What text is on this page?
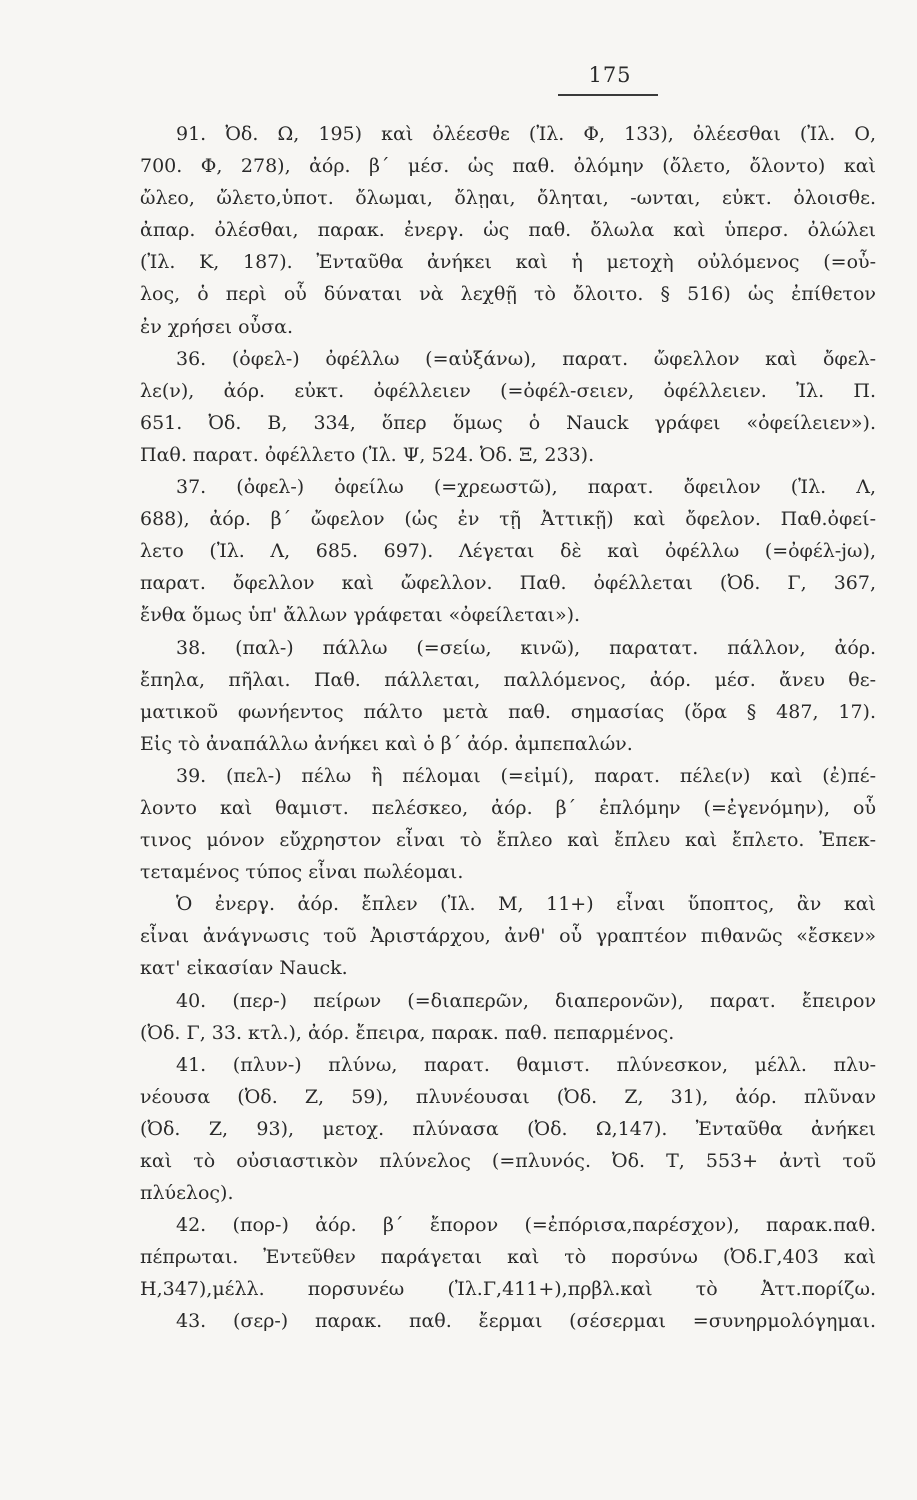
175
91. Ὀδ. Ω, 195) καὶ ὀλέεσθε (Ἰλ. Φ, 133), ὀλέεσθαι (Ἰλ. Ο,
700. Φ, 278), ἀόρ. β΄ μέσ. ὡς παθ. ὀλόμην (ὄλετο, ὄλοντο) καὶ
ὤλεο, ὤλετο,ὑποτ. ὄλωμαι, ὄλῃαι, ὄληται, -ωνται, εὐκτ. ὀλοισθε.
ἀπαρ. ὀλέσθαι, παρακ. ἐνεργ. ὡς παθ. ὄλωλα καὶ ὑπερσ. ὀλώλει
(Ἰλ. Κ, 187). Ἐνταῦθα ἀνήκει καὶ ἡ μετοχὴ οὐλόμενος (=οὖ-
λος, ὁ περὶ οὗ δύναται νὰ λεχθῇ τὸ ὄλοιτο. § 516) ὡς ἐπίθετον
ἐν χρήσει οὖσα.
36. (ὀφελ-) ὀφέλλω (=αὐξάνω), παρατ. ὤφελλον καὶ ὄφελ-
λε(ν), ἀόρ. εὐκτ. ὀφέλλειεν (=ὀφέλ-σειεν, ὀφέλλειεν. Ἰλ. Π.
651. Ὀδ. Β, 334, ὅπερ ὅμως ὁ Nauck γράφει «ὀφείλειεν»).
Παθ. παρατ. ὀφέλλετο (Ἰλ. Ψ, 524. Ὀδ. Ξ, 233).
37. (ὀφελ-) ὀφείλω (=χρεωστῶ), παρατ. ὄφειλον (Ἰλ. Λ,
688), ἀόρ. β΄ ὤφελον (ὡς ἐν τῇ Ἀττικῇ) καὶ ὄφελον. Παθ.ὀφεί-
λετο (Ἰλ. Λ, 685. 697). Λέγεται δὲ καὶ ὀφέλλω (=ὀφέλ-jω),
παρατ. ὄφελλον καὶ ὤφελλον. Παθ. ὀφέλλεται (Ὀδ. Γ, 367,
ἔνθα ὅμως ὑπ' ἄλλων γράφεται «ὀφείλεται»).
38. (παλ-) πάλλω (=σείω, κινῶ), παρατατ. πάλλον, ἀόρ.
ἔπηλα, πῆλαι. Παθ. πάλλεται, παλλόμενος, ἀόρ. μέσ. ἄνευ θε-
ματικοῦ φωνήεντος πάλτο μετὰ παθ. σημασίας (ὅρα § 487, 17).
Εἰς τὸ ἀναπάλλω ἀνήκει καὶ ὁ β΄ ἀόρ. ἀμπεπαλών.
39. (πελ-) πέλω ἢ πέλομαι (=εἰμί), παρατ. πέλε(ν) καὶ (ἐ)πέ-
λοντο καὶ θαμιστ. πελέσκεο, ἀόρ. β΄ ἐπλόμην (=ἐγενόμην), οὗ
τινος μόνον εὔχρηστον εἶναι τὸ ἔπλεο καὶ ἔπλευ καὶ ἔπλετο. Ἐπεκ-
τεταμένος τύπος εἶναι πωλέομαι.
Ὁ ἐνεργ. ἀόρ. ἔπλεν (Ἰλ. Μ, 11+) εἶναι ὕποπτος, ἂν καὶ
εἶναι ἀνάγνωσις τοῦ Ἀριστάρχου, ἀνθ' οὗ γραπτέον πιθανῶς «ἔσκεν»
κατ' εἰκασίαν Nauck.
40. (περ-) πείρων (=διαπερῶν, διαπερονῶν), παρατ. ἔπειρον
(Ὀδ. Γ, 33. κτλ.), ἀόρ. ἔπειρα, παρακ. παθ. πεπαρμένος.
41. (πλυν-) πλύνω, παρατ. θαμιστ. πλύνεσκον, μέλλ. πλυ-
νέουσα (Ὀδ. Ζ, 59), πλυνέουσαι (Ὀδ. Ζ, 31), ἀόρ. πλῦναν
(Ὀδ. Ζ, 93), μετοχ. πλύνασα (Ὀδ. Ω,147). Ἐνταῦθα ἀνήκει
καὶ τὸ οὐσιαστικὸν πλύνελος (=πλυνός. Ὀδ. Τ, 553+ ἀντὶ τοῦ
πλύελος).
42. (πορ-) ἀόρ. β΄ ἔπορον (=ἐπόρισα,παρέσχον), παρακ.παθ.
πέπρωται. Ἐντεῦθεν παράγεται καὶ τὸ πορσύνω (Ὀδ.Γ,403 καὶ
Η,347),μέλλ. πορσυνέω (Ἰλ.Γ,411+),πρβλ.καὶ τὸ Ἀττ.πορίζω.
43. (σερ-) παρακ. παθ. ἔερμαι (σέσερμαι =συνηρμολόγημαι.
